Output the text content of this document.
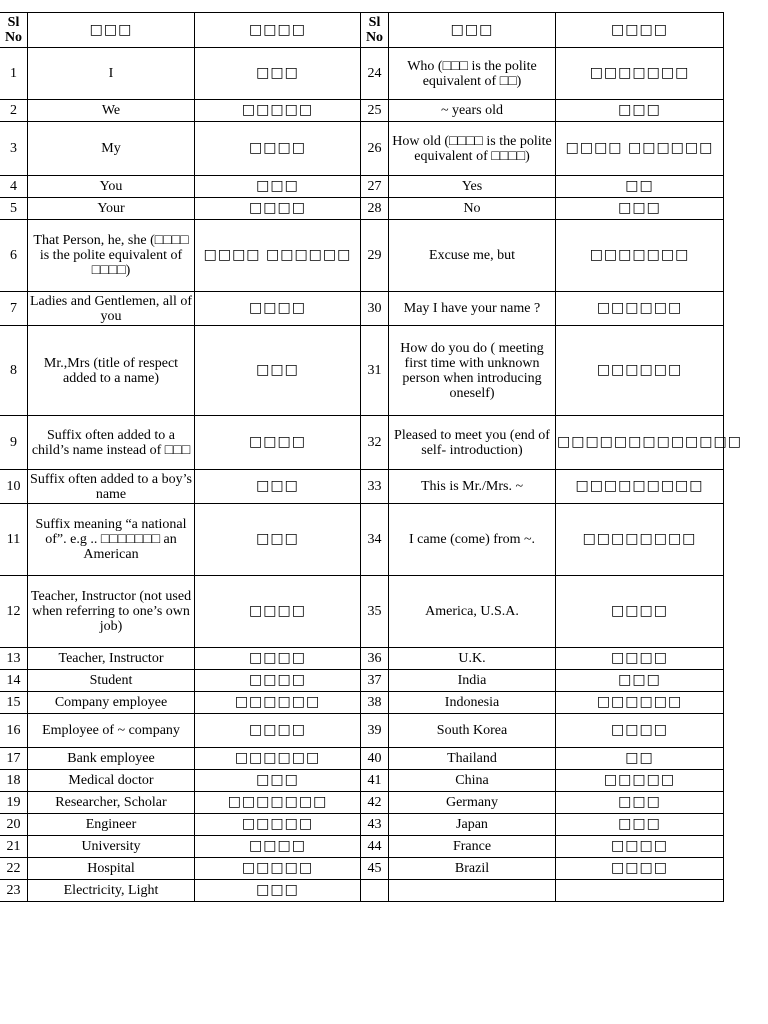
Sl No	□□□	□□□□	Sl No	□□□	□□□□
1	I	□□□	24	Who (□□□ is the polite equivalent of □□)	□□□□□□□
2	We	□□□□□	25	~ years old	□□□
3	My	□□□□	26	How old (□□□□ is the polite equivalent of □□□□)	□□□□ □□□□□□
4	You	□□□	27	Yes	□□
5	Your	□□□□	28	No	□□□
6	That Person, he, she (□□□□ is the polite equivalent of □□□□)	□□□□ □□□□□□	29	Excuse me, but	□□□□□□□
7	Ladies and Gentlemen, all of you	□□□□	30	May I have your name ?	□□□□□□
8	Mr.,Mrs (title of respect added to a name)	□□□	31	How do you do ( meeting first time with unknown person when introducing oneself)	□□□□□□
9	Suffix often added to a child’s name instead of □□□	□□□□	32	Pleased to meet you (end of self- introduction)	□□□□□□□□□□□□□
10	Suffix often added to a boy’s name	□□□	33	This is Mr./Mrs. ~	□□□□□□□□□
11	Suffix meaning “a national of”. e.g .. □□□□□□□ an American	□□□	34	I came (come) from ~.	□□□□□□□□
12	Teacher, Instructor (not used when referring to one’s own job)	□□□□	35	America, U.S.A.	□□□□
13	Teacher, Instructor	□□□□	36	U.K.	□□□□
14	Student	□□□□	37	India	□□□
15	Company employee	□□□□□□	38	Indonesia	□□□□□□
16	Employee of ~ company	□□□□	39	South Korea	□□□□
17	Bank employee	□□□□□□	40	Thailand	□□
18	Medical doctor	□□□	41	China	□□□□□
19	Researcher, Scholar	□□□□□□□	42	Germany	□□□
20	Engineer	□□□□□	43	Japan	□□□
21	University	□□□□	44	France	□□□□
22	Hospital	□□□□□	45	Brazil	□□□□
23	Electricity, Light	□□□			
